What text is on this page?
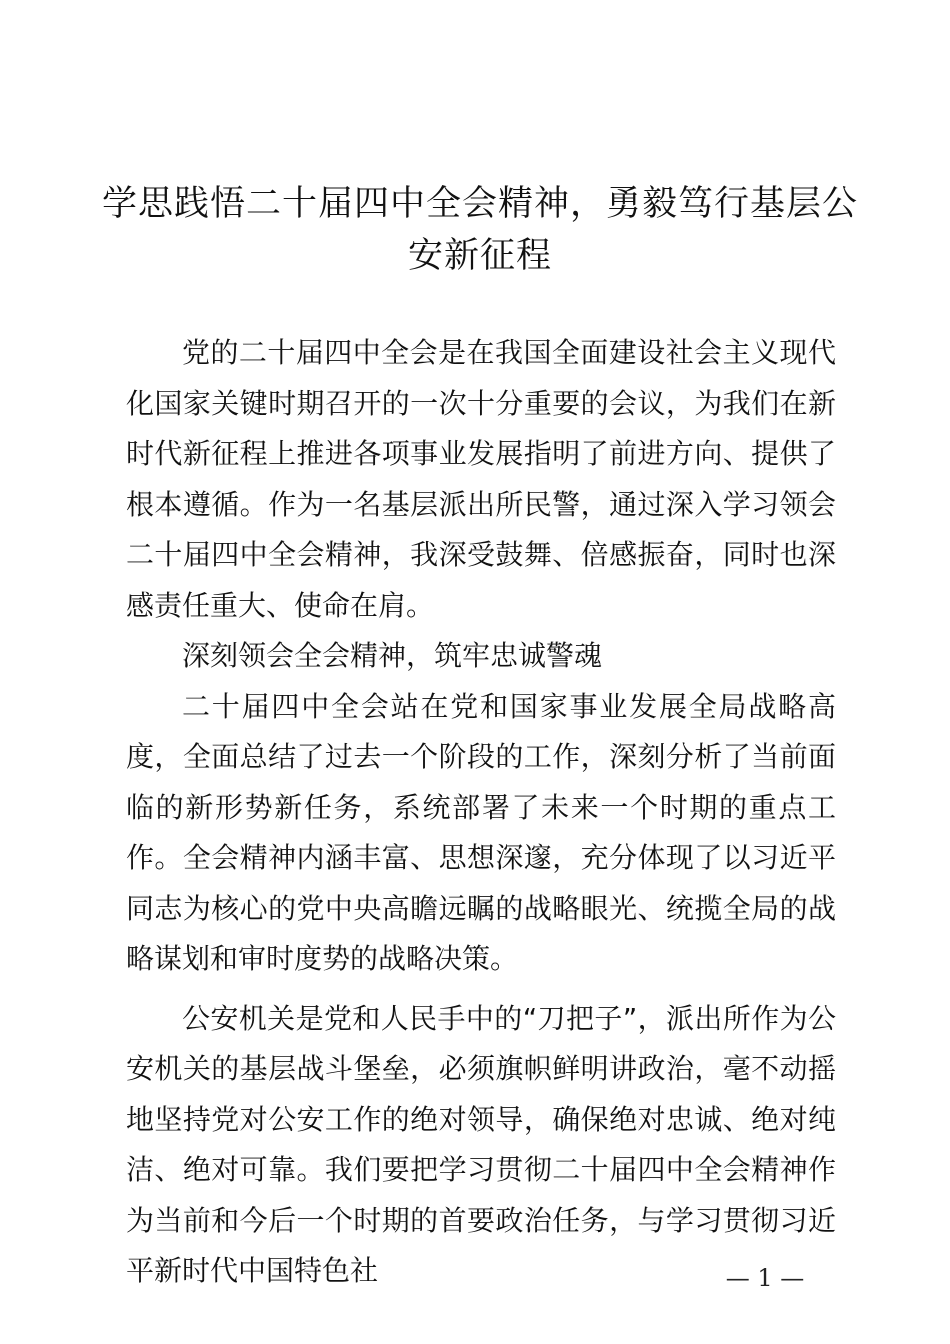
学思践悟二十届四中全会精神，勇毅笃行基层公安新征程

党的二十届四中全会是在我国全面建设社会主义现代化国家关键时期召开的一次十分重要的会议，为我们在新时代新征程上推进各项事业发展指明了前进方向、提供了根本遵循。作为一名基层派出所民警，通过深入学习领会二十届四中全会精神，我深受鼓舞、倍感振奋，同时也深感责任重大、使命在肩。

深刻领会全会精神，筑牢忠诚警魂

二十届四中全会站在党和国家事业发展全局战略高度，全面总结了过去一个阶段的工作，深刻分析了当前面临的新形势新任务，系统部署了未来一个时期的重点工作。全会精神内涵丰富、思想深邃，充分体现了以习近平同志为核心的党中央高瞻远瞩的战略眼光、统揽全局的战略谋划和审时度势的战略决策。

公安机关是党和人民手中的“刀把子”，派出所作为公安机关的基层战斗堡垒，必须旗帜鲜明讲政治，毫不动摇地坚持党对公安工作的绝对领导，确保绝对忠诚、绝对纯洁、绝对可靠。我们要把学习贯彻二十届四中全会精神作为当前和今后一个时期的首要政治任务，与学习贯彻习近平新时代中国特色社	— 1 —
